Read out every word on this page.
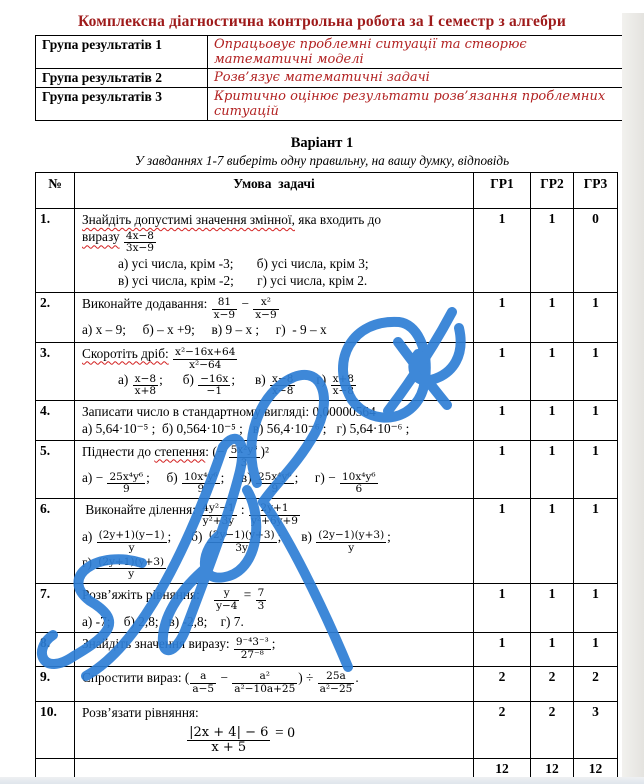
Комплексна діагностична контрольна робота за І семестр з алгебри
Група результатів 1	Опрацьовує проблемні ситуації та створює математичні моделі
Група результатів 2	Розв’язує математичні задачі
Група результатів 3	Критично оцінює результати розв’язання проблемних ситуацій
Варіант 1
У завданнях 1-7 виберіть одну правильну, на вашу думку, відповідь
№	Умова  задачі	ГР1	ГР2	ГР3
1.	Знайдіть допустимі значення змінної, яка входить до
виразу $\frac{4x-8}{3x-9}$
а) усі числа, крім -3;       б) усі числа, крім 3;
в) усі числа, крім -2;       г) усі числа, крім 2.
	1	1	0
2.	Виконайте додавання: $\frac{81}{x-9} - \frac{\text{x²}}{x-9}$
а) x – 9;     б) – x +9;     в) 9 – x ;     г)  - 9 – x
	1	1	1
3.	Скоротіть дріб: $\frac{\text{x²−16x+64}}{\text{x²−64}}$
$а) \frac{x-8}{x+8}$ ;      $б) \frac{-16x}{-1}$ ;      $в) \frac{x-8}{x-8} г) \frac{x+8}{x-8}$
	1	1	1
4.	Записати число в стандартному вигляді: 0,00000564
а) 5,64·10⁻⁵ ;  б) 0,564·10⁻⁵ ;   в) 56,4·10⁻⁶ ;   г) 5,64·10⁻⁶ ;	1	1	1
5.	Піднести до степення: (− $\frac{\text{5x²y³}}{3} )^2$
$а) - \frac{\text{25x⁴y⁶}}{9}$ ;     $б) \frac{\text{10x⁴y⁶}}{9}$ ;     $в) \frac{\text{25x⁴y⁶}}{9}$ ;     $г) - \frac{\text{10x⁴y⁶}}{6}$
	1	1	1
6.	Виконайте ділення: $\frac{\text{4y²−1}}{\text{y²+3y}}$ : $\frac{2y+1}{\text{y²+6y+9}}$
$а) \frac{(2y+1)(y-1)}{y}$ ;      $б) \frac{(2y-1)(y+3)}{3y}$ ;      $в) \frac{(2y-1)(y+3)}{y}$ ;
$г) \frac{(2y+1)(y+3)}{y}$
	1	1	1
7.	Розв’яжіть рівняння: $\frac{y}{y-4} = \frac{7}{3}$
а) -7;    б) 2,8;   в) -2,8;    г) 7.
	1	1	1
8.	Знайдіть значення виразу: $\frac{\text{9⁻⁴3⁻³}}{\text{27⁻⁸}}$ ;	1	1	1
9.	Спростити вираз: ( $\frac{a}{a-5} - \frac{\text{a²}}{\text{a²−10a+25}}$ ) ÷ $\frac{25a}{\text{a²−25}}$ .	2	2	2
10.	Розв’язати рівняння:
$\frac{|2x + 4| - 6}{x + 5} = 0$	2	2	3
		12	12	12
